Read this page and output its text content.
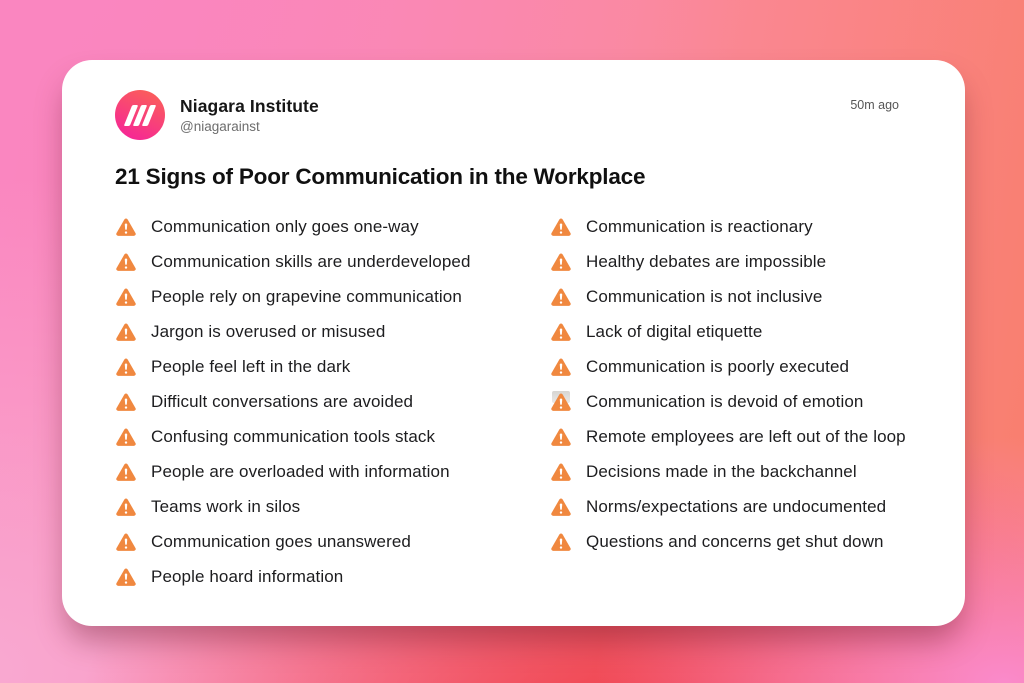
Niagara Institute
@niagarainst
50m ago
21 Signs of Poor Communication in the Workplace
Communication only goes one-way
Communication skills are underdeveloped
People rely on grapevine communication
Jargon is overused or misused
People feel left in the dark
Difficult conversations are avoided
Confusing communication tools stack
People are overloaded with information
Teams work in silos
Communication goes unanswered
People hoard information
Communication is reactionary
Healthy debates are impossible
Communication is not inclusive
Lack of digital etiquette
Communication is poorly executed
Communication is devoid of emotion
Remote employees are left out of the loop
Decisions made in the backchannel
Norms/expectations are undocumented
Questions and concerns get shut down
